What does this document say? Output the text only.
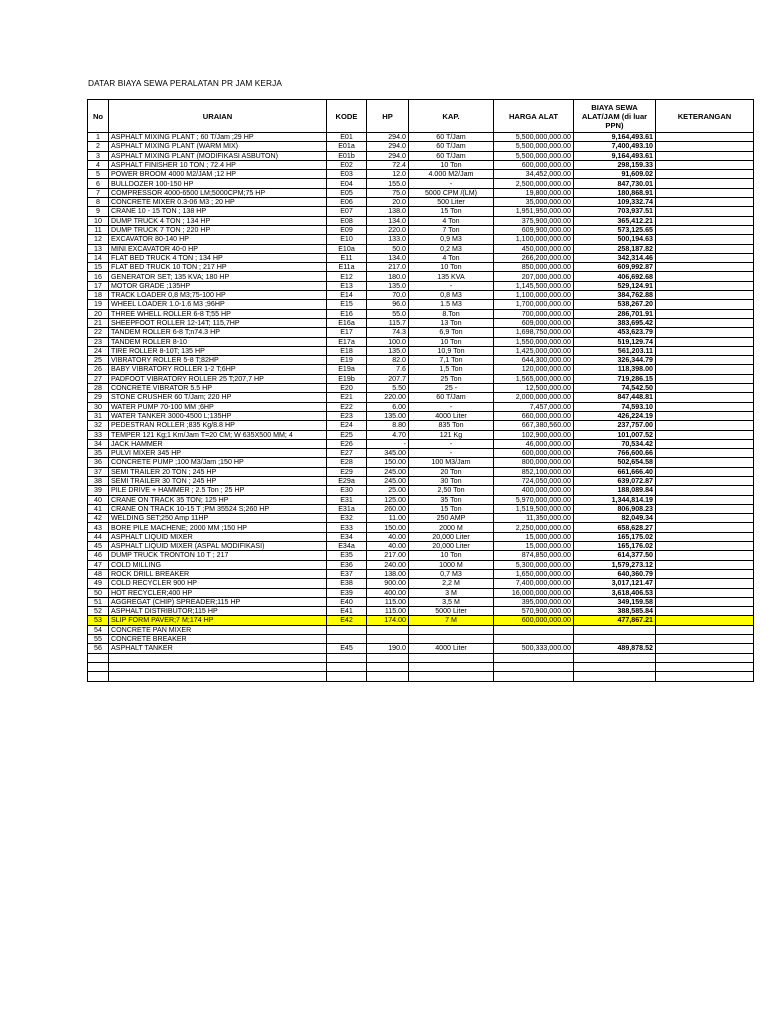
DATAR BIAYA SEWA PERALATAN PR JAM KERJA
No	URAIAN	KODE	HP	KAP.	HARGA ALAT	BIAYA SEWA ALAT/JAM (di luar PPN)	KETERANGAN
1	ASPHALT MIXING PLANT ; 60 T/Jam ;29 HP	E01	294.0	60 T/Jam	5,500,000,000.00	9,164,493.61	
2	ASPHALT MIXING PLANT (WARM MIX)	E01a	294.0	60 T/Jam	5,500,000,000.00	7,400,493.10	
3	ASPHALT MIXING PLANT (MODIFIKASI ASBUTON)	E01b	294.0	60 T/Jam	5,500,000,000.00	9,164,493.61	
4	ASPHALT FINISHER 10 TON ; 72.4 HP	E02	72.4	10 Ton	600,000,000.00	298,159.33	
5	POWER BROOM 4000 M2/JAM ;12 HP	E03	12.0	4.000 M2/Jam	34,452,000.00	91,609.02	
6	BULLDOZER 100-150 HP	E04	155.0	-	2,500,000,000.00	847,730.01	
7	COMPRESSOR 4000-6500 LM;5000CPM;75 HP	E05	75.0	5000 CPM /(LM)	19,800,000.00	180,868.91	
8	CONCRETE MIXER 0.3-06 M3 ; 20 HP	E06	20.0	500 Liter	35,000,000.00	109,332.74	
9	CRANE 10 - 15 TON ; 138 HP	E07	138.0	15 Ton	1,951,950,000.00	703,937.51	
10	DUMP TRUCK 4 TON ; 134 HP	E08	134.0	4 Ton	375,900,000.00	365,412.21	
11	DUMP TRUCK 7 TON ; 220 HP	E09	220.0	7 Ton	609,900,000.00	573,125.65	
12	EXCAVATOR 80-140 HP	E10	133.0	0,9 M3	1,100,000,000.00	500,194.63	
13	MINI EXCAVATOR 40-0 HP	E10a	50.0	0,2 M3	450,000,000.00	258,187.82	
14	FLAT BED TRUCK 4 TON ; 134 HP	E11	134.0	4 Ton	266,200,000.00	342,314.46	
15	FLAT BED TRUCK 10 TON ; 217 HP	E11a	217.0	10 Ton	850,000,000.00	609,992.87	
16	GENERATOR SET; 135 KVA; 180 HP	E12	180.0	135 KVA	207,000,000.00	406,692.68	
17	MOTOR GRADE ;135HP	E13	135.0	-	1,145,500,000.00	529,124.91	
18	TRACK LOADER 0,8 M3;75-100 HP	E14	70.0	0,8 M3	1,100,000,000.00	384,762.88	
19	WHEEL LOADER 1.0-1.6 M3 ;96HP	E15	96.0	1.5 M3	1,700,000,000.00	538,267.20	
20	THREE WHELL ROLLER 6-8 T;55 HP	E16	55.0	8.Ton	700,000,000.00	286,701.91	
21	SHEEPFOOT ROLLER 12-14T; 115,7HP	E16a	115.7	13 Ton	609,000,000.00	383,695.42	
22	TANDEM ROLLER 6-8 T;n74.3 HP	E17	74.3	6,9 Ton	1,698,750,000.00	453,623.79	
23	TANDEM ROLLER 8-10	E17a	100.0	10 Ton	1,550,000,000.00	519,129.74	
24	TIRE ROLLER 8-10T; 135 HP	E18	135.0	10,9 Ton	1,425,000,000.00	561,203.11	
25	VIBRATORY ROLLER 5-8 T;82HP	E19	82.0	7,1 Ton	644,300,000.00	326,344.79	
26	BABY VIBRATORY ROLLER 1-2 T;6HP	E19a	7.6	1,5 Ton	120,000,000.00	118,398.00	
27	PADFOOT VIBRATORY ROLLER 25 T;207,7 HP	E19b	207.7	25 Ton	1,565,000,000.00	719,286.15	
28	CONCRETE VIBRATOR 5.5 HP	E20	5.50	25 -	12,500,000.00	74,542.50	
29	STONE CRUSHER 60 T/Jam; 220 HP	E21	220.00	60 T/Jam	2,000,000,000.00	847,448.81	
30	WATER PUMP 70-100 MM ;6HP	E22	6.00	-	7,457,000.00	74,593.10	
31	WATER TANKER 3000-4500 L;135HP	E23	135.00	4000 Liter	660,000,000.00	426,224.19	
32	PEDESTRAN ROLLER ;835 Kg/8.8 HP	E24	8.80	835 Ton	667,380,560.00	237,757.00	
33	TEMPER 121 Kg;1 Km/Jam T=20 CM; W 635X500 MM; 4	E25	4.70	121 Kg	102,900,000.00	101,007.52	
34	JACK HAMMER	E26	-	-	46,000,000.00	70,534.42	
35	PULVI MIXER 345 HP	E27	345.00	-	600,000,000.00	766,600.66	
36	CONCRETE PUMP ;100 M3/Jam ;150 HP	E28	150.00	100 M3/Jam	800,000,000.00	502,654.58	
37	SEMI TRAILER 20 TON ; 245 HP	E29	245.00	20 Ton	852,100,000.00	661,666.40	
38	SEMI TRAILER 30 TON ; 245 HP	E29a	245.00	30 Ton	724,050,000.00	639,072.87	
39	PILE DRIVE + HAMMER ; 2.5 Ton ; 25 HP	E30	25.00	2,50 Ton	400,000,000.00	188,089.84	
40	CRANE ON TRACK 35 TON; 125 HP	E31	125.00	35 Ton	5,970,000,000.00	1,344,814.19	
41	CRANE ON TRACK 10-15 T ;PM 35524 S;260 HP	E31a	260.00	15 Ton	1,519,500,000.00	806,908.23	
42	WELDING SET;250 Amp 11HP	E32	11.00	250 AMP	11,350,000.00	82,049.34	
43	BORE PILE MACHENE; 2000 MM ;150 HP	E33	150.00	2000 M	2,250,000,000.00	658,628.27	
44	ASPHALT LIQUID MIXER	E34	40.00	20,000 Liter	15,000,000.00	165,175.02	
45	ASPHALT LIQUID MIXER (ASPAL MODIFIKASI)	E34a	40.00	20,000 Liter	15,000,000.00	165,176.02	
46	DUMP TRUCK TRONTON 10 T ; 217	E35	217.00	10 Ton	874,850,000.00	614,377.50	
47	COLD MILLING	E36	240.00	1000 M	5,300,000,000.00	1,579,273.12	
48	ROCK DRILL BREAKER	E37	138.00	0,7 M3	1,650,000,000.00	640,360.79	
49	COLD RECYCLER 900 HP	E38	900.00	2,2 M	7,400,000,000.00	3,017,121.47	
50	HOT RECYCLER;400 HP	E39	400.00	3 M	16,000,000,000.00	3,618,406.53	
51	AGGREGAT (CHIP) SPREADER;115 HP	E40	115.00	3,5 M	395,000,000.00	349,159.58	
52	ASPHALT DISTRIBUTOR;115 HP	E41	115.00	5000 Liter	570,900,000.00	388,585.84	
53	SLIP FORM PAVER;7 M;174 HP	E42	174.00	7 M	600,000,000.00	477,867.21	
54	CONCRETE PAN MIXER						
55	CONCRETE BREAKER						
56	ASPHALT TANKER	E45	190.0	4000 Liter	500,333,000.00	489,878.52	
